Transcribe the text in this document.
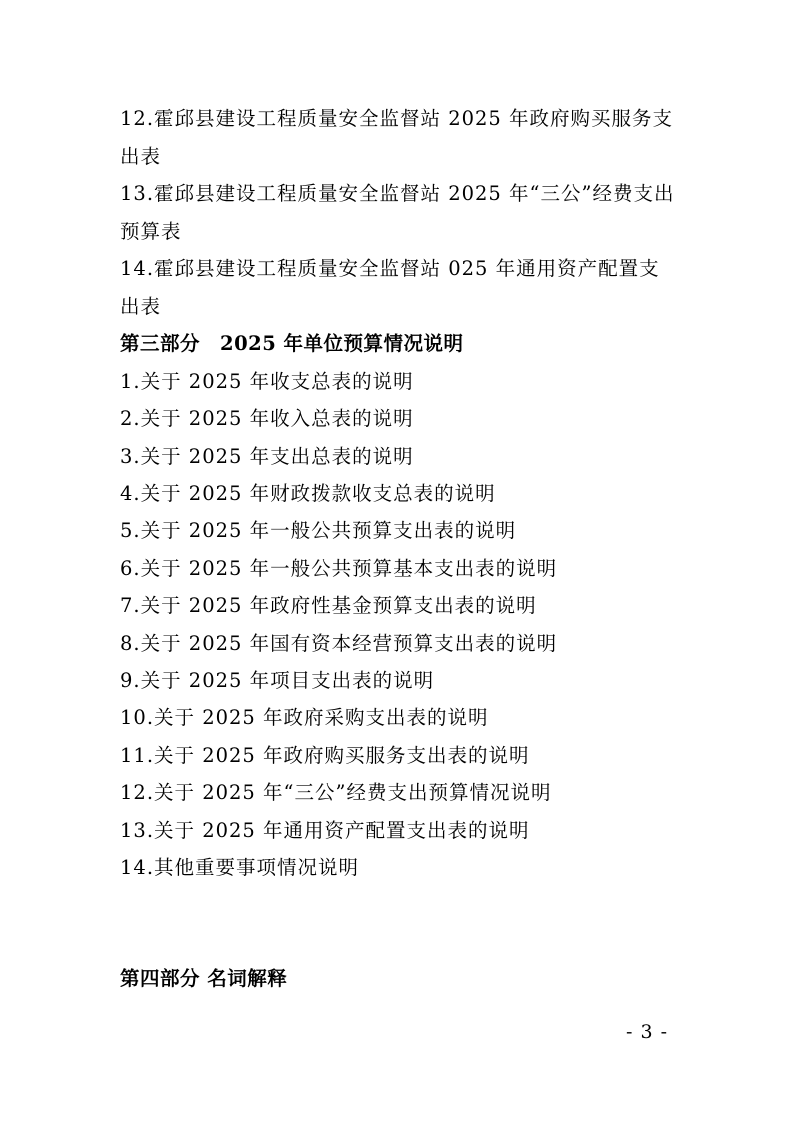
12.霍邱县建设工程质量安全监督站 2025 年政府购买服务支
出表
13.霍邱县建设工程质量安全监督站 2025 年“三公”经费支出
预算表
14.霍邱县建设工程质量安全监督站 025 年通用资产配置支
出表
第三部分　2025 年单位预算情况说明
1.关于 2025 年收支总表的说明
2.关于 2025 年收入总表的说明
3.关于 2025 年支出总表的说明
4.关于 2025 年财政拨款收支总表的说明
5.关于 2025 年一般公共预算支出表的说明
6.关于 2025 年一般公共预算基本支出表的说明
7.关于 2025 年政府性基金预算支出表的说明
8.关于 2025 年国有资本经营预算支出表的说明
9.关于 2025 年项目支出表的说明
10.关于 2025 年政府采购支出表的说明
11.关于 2025 年政府购买服务支出表的说明
12.关于 2025 年“三公”经费支出预算情况说明
13.关于 2025 年通用资产配置支出表的说明
14.其他重要事项情况说明
第四部分 名词解释
- 3 -
